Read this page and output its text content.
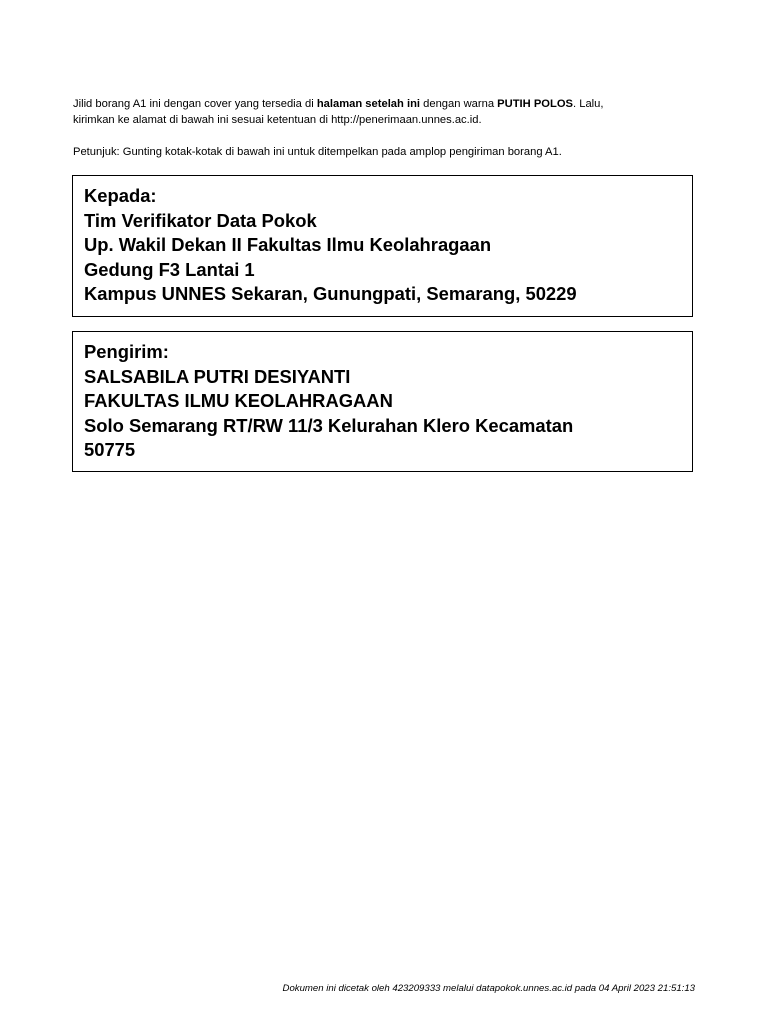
Jilid borang A1 ini dengan cover yang tersedia di halaman setelah ini dengan warna PUTIH POLOS. Lalu,

kirimkan ke alamat di bawah ini sesuai ketentuan di http://penerimaan.unnes.ac.id.

Petunjuk: Gunting kotak-kotak di bawah ini untuk ditempelkan pada amplop pengiriman borang A1.

Kepada:
Tim Verifikator Data Pokok
Up. Wakil Dekan II Fakultas Ilmu Keolahragaan
Gedung F3 Lantai 1
Kampus UNNES Sekaran, Gunungpati, Semarang, 50229
Pengirim:
SALSABILA PUTRI DESIYANTI
FAKULTAS ILMU KEOLAHRAGAAN
Solo Semarang RT/RW 11/3 Kelurahan Klero Kecamatan
50775
Dokumen ini dicetak oleh 423209333 melalui datapokok.unnes.ac.id pada 04 April 2023 21:51:13
